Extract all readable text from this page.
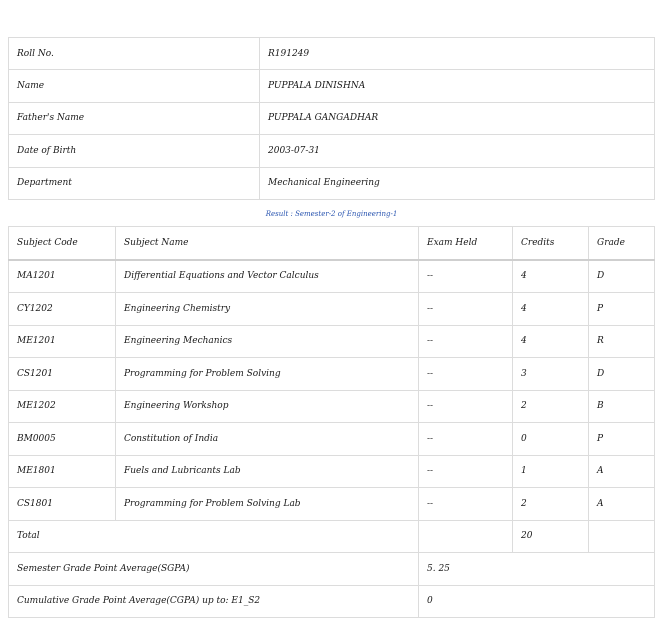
Roll No.	R191249
Name	PUPPALA DINISHNA
Father's Name	PUPPALA GANGADHAR
Date of Birth	2003-07-31
Department	Mechanical Engineering
Result : Semester-2 of Engineering-1
Subject Code	Subject Name	Exam Held	Credits	Grade
MA1201	Differential Equations and Vector Calculus	--	4	D
CY1202	Engineering Chemistry	--	4	P
ME1201	Engineering Mechanics	--	4	R
CS1201	Programming for Problem Solving	--	3	D
ME1202	Engineering Workshop	--	2	B
BM0005	Constitution of India	--	0	P
ME1801	Fuels and Lubricants Lab	--	1	A
CS1801	Programming for Problem Solving Lab	--	2	A
Total			20	
Semester Grade Point Average(SGPA)		5. 25		
Cumulative Grade Point Average(CGPA) up to: E1_S2		0		
